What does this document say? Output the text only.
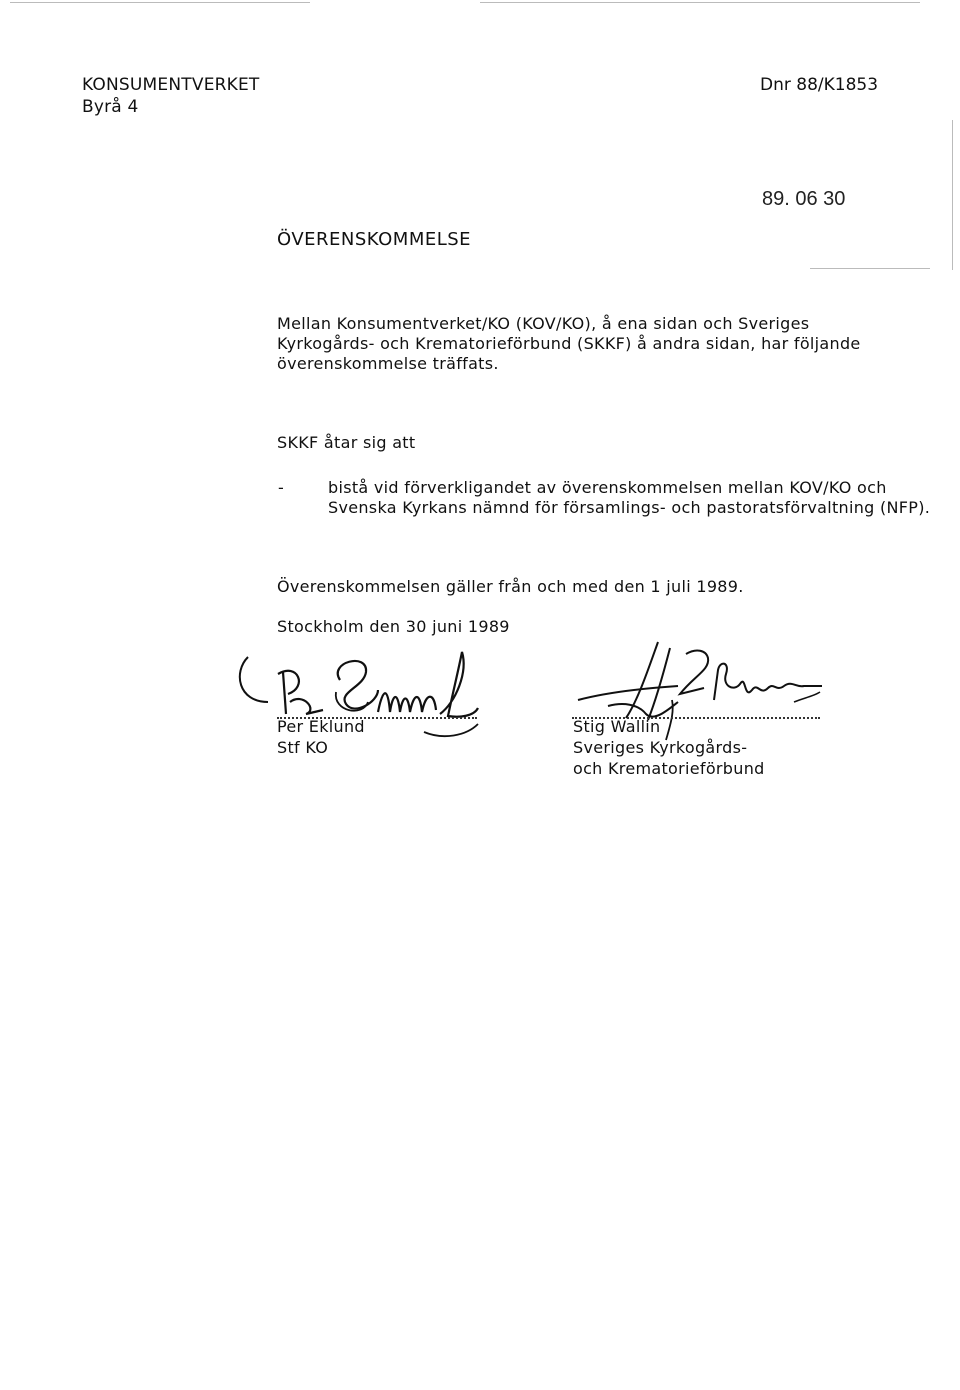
KONSUMENTVERKET
Byrå 4
Dnr 88/K1853
89. 06 30
ÖVERENSKOMMELSE
Mellan Konsumentverket/KO (KOV/KO), å ena sidan och Sveriges Kyrkogårds- och Krematorieförbund (SKKF) å andra sidan, har följande överenskommelse träffats.
SKKF åtar sig att
-	bistå vid förverkligandet av överenskommelsen mellan KOV/KO och Svenska Kyrkans nämnd för församlings- och pastoratsförvaltning (NFP).
Överenskommelsen gäller från och med den 1 juli 1989.
Stockholm den 30 juni 1989
Per Eklund
Stf KO
Stig Wallin
Sveriges Kyrkogårds-
och Krematorieförbund
